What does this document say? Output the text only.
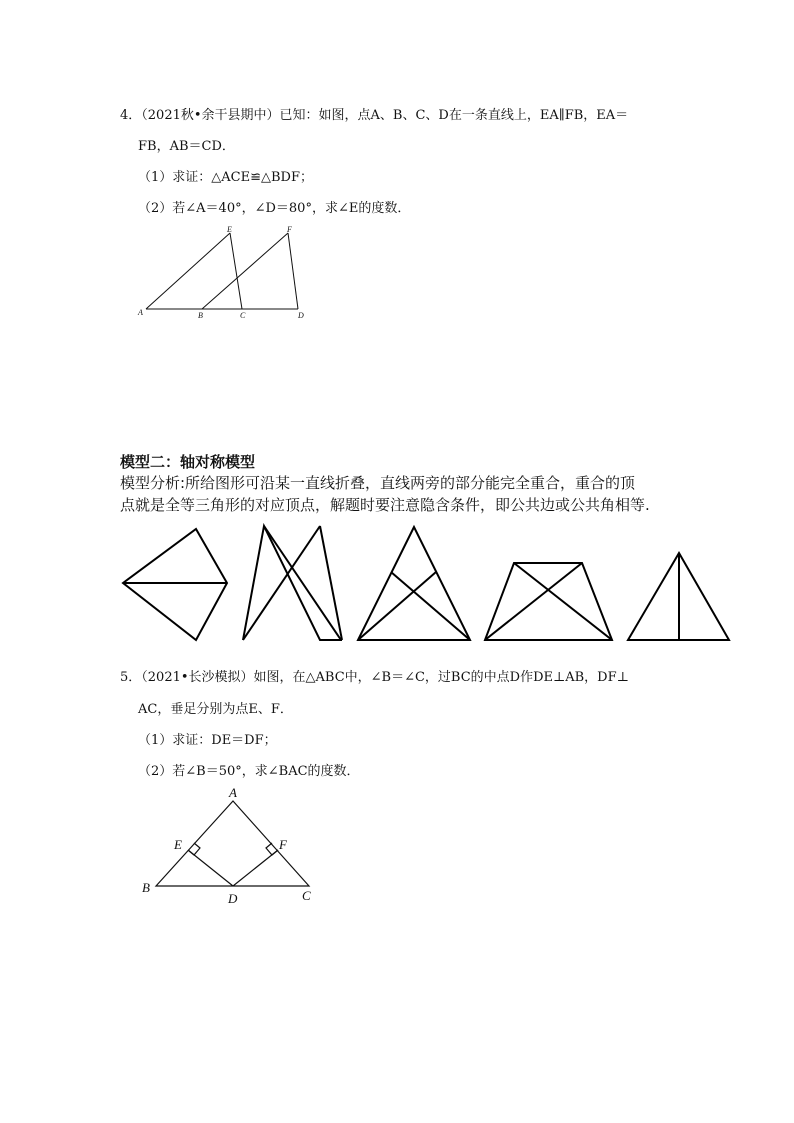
4．（2021秋•余干县期中）已知：如图，点A、B、C、D在一条直线上，EA∥FB，EA＝
FB，AB＝CD．
（1）求证：△ACE≌△BDF；
（2）若∠A＝40°，∠D＝80°，求∠E的度数．
A	B	C	D
E	F
模型二：轴对称模型
模型分析:所给图形可沿某一直线折叠，直线两旁的部分能完全重合，重合的顶
点就是全等三角形的对应顶点，解题时要注意隐含条件，即公共边或公共角相等.
5．（2021•长沙模拟）如图，在△ABC中，∠B＝∠C，过BC的中点D作DE⊥AB，DF⊥
AC，垂足分别为点E、F．
（1）求证：DE＝DF；
（2）若∠B＝50°，求∠BAC的度数．
A
B
C
D
E	F
